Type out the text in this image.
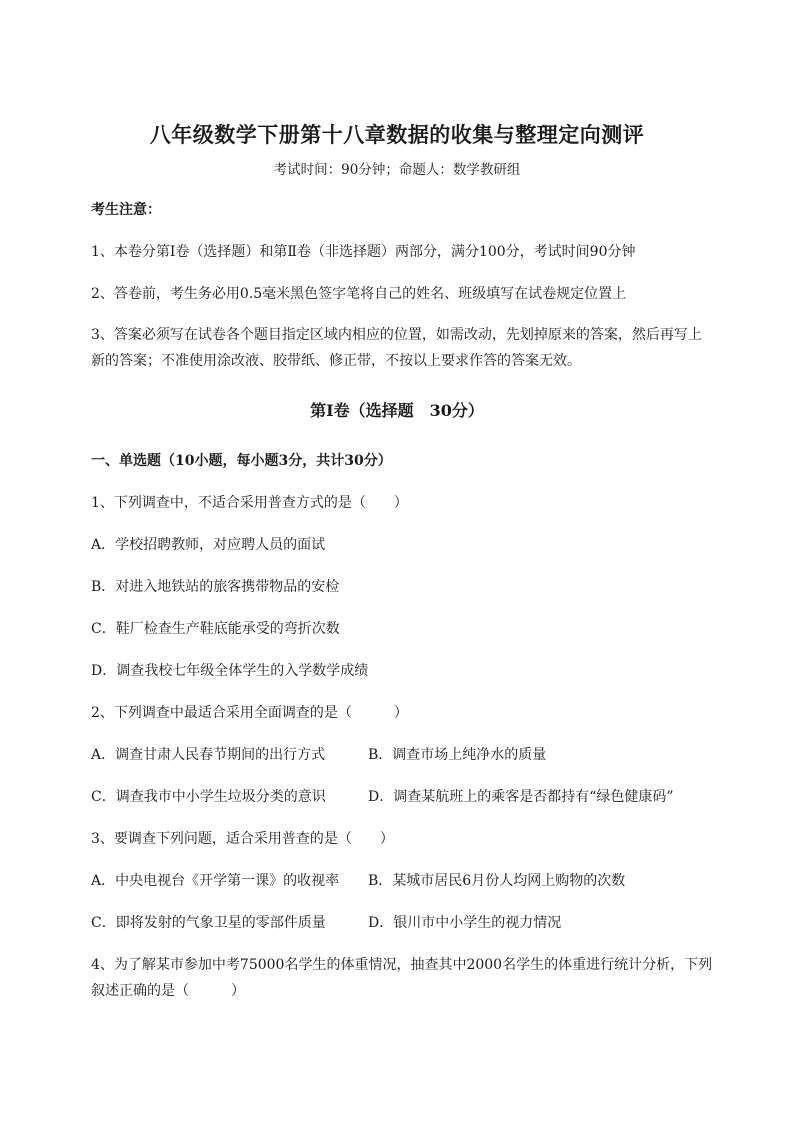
八年级数学下册第十八章数据的收集与整理定向测评
考试时间：90分钟；命题人：数学教研组
考生注意：
1、本卷分第I卷（选择题）和第Ⅱ卷（非选择题）两部分，满分100分，考试时间90分钟
2、答卷前，考生务必用0.5毫米黑色签字笔将自己的姓名、班级填写在试卷规定位置上
3、答案必须写在试卷各个题目指定区域内相应的位置，如需改动，先划掉原来的答案，然后再写上新的答案；不准使用涂改液、胶带纸、修正带，不按以上要求作答的答案无效。
第I卷（选择题　30分）
一、单选题（10小题，每小题3分，共计30分）
1、下列调查中，不适合采用普查方式的是（　　）
A．学校招聘教师，对应聘人员的面试
B．对进入地铁站的旅客携带物品的安检
C．鞋厂检查生产鞋底能承受的弯折次数
D．调查我校七年级全体学生的入学数学成绩
2、下列调查中最适合采用全面调查的是（　　　）
A．调查甘肃人民春节期间的出行方式	B．调查市场上纯净水的质量
C．调查我市中小学生垃圾分类的意识	D．调查某航班上的乘客是否都持有“绿色健康码”
3、要调查下列问题，适合采用普查的是（　　）
A．中央电视台《开学第一课》的收视率 B．某城市居民6月份人均网上购物的次数
C．即将发射的气象卫星的零部件质量	D．银川市中小学生的视力情况
4、为了解某市参加中考75000名学生的体重情况，抽查其中2000名学生的体重进行统计分析，下列叙述正确的是（　　　）
